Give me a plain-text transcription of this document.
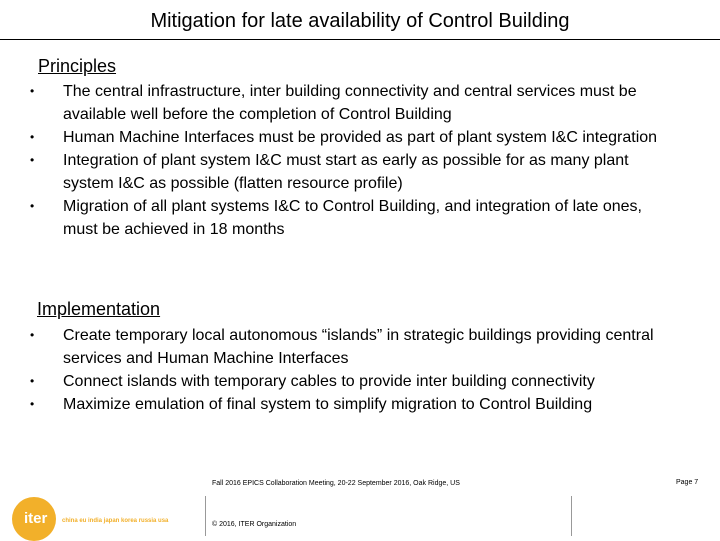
Mitigation for late availability of Control Building
Principles
•	The central infrastructure, inter building connectivity and central services must be available well before the completion of Control Building
•	Human Machine Interfaces must be provided as part of plant system I&C integration
•	Integration of plant system I&C must start as early as possible for as many plant system I&C as possible (flatten resource profile)
•	Migration of all plant systems I&C to Control Building, and integration of late ones, must be achieved in 18 months
Implementation
•	Create temporary local autonomous “islands” in strategic buildings providing central services and Human Machine Interfaces
•	Connect islands with temporary cables to provide inter building connectivity
•	Maximize emulation of final system to simplify migration to Control Building
iter china eu india japan korea russia usa
Fall 2016 EPICS Collaboration Meeting, 20-22 September 2016, Oak Ridge, US
© 2016, ITER Organization
Page 7
